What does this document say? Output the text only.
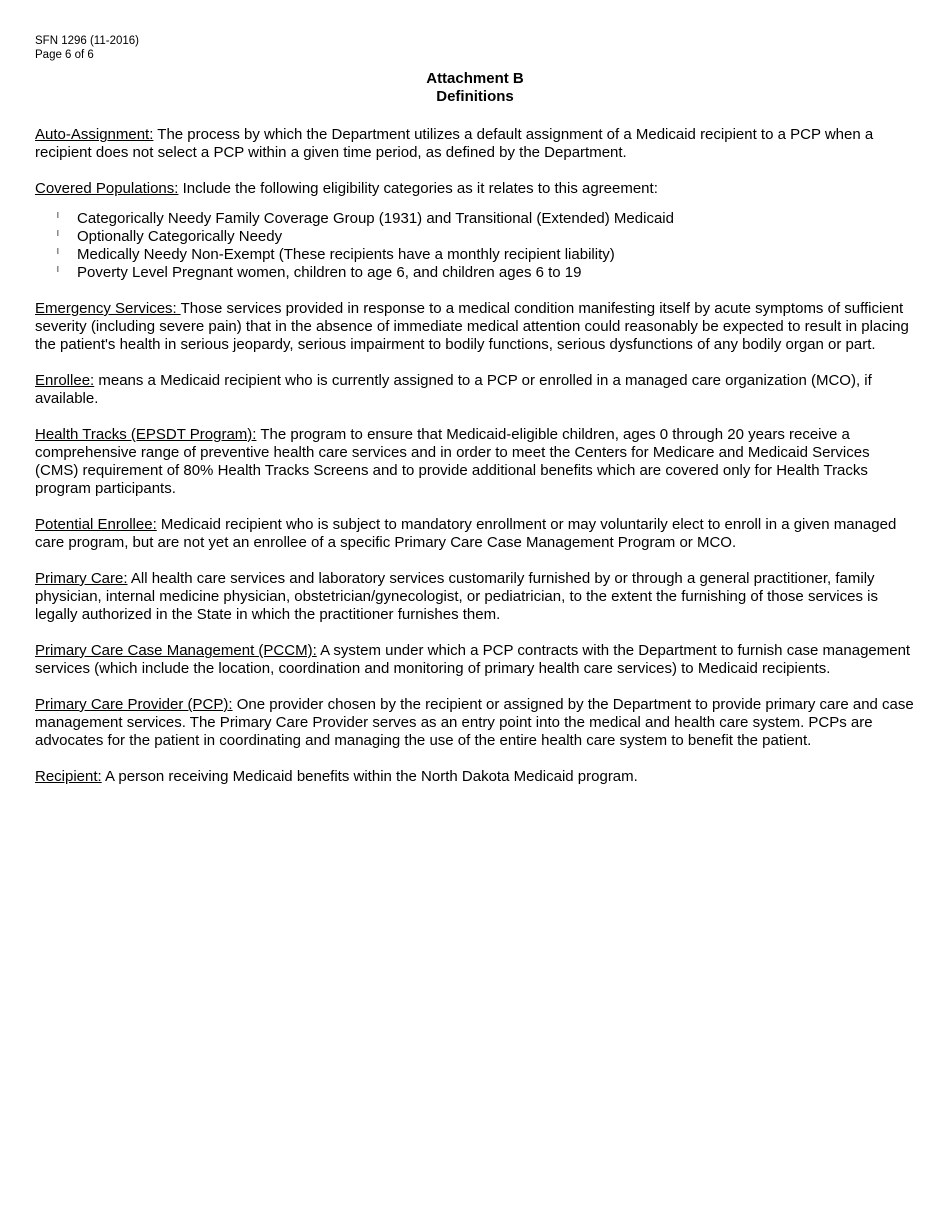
SFN 1296 (11-2016)
Page 6 of 6
Attachment B
Definitions

Auto-Assignment: The process by which the Department utilizes a default assignment of a Medicaid recipient to a PCP when a recipient does not select a PCP within a given time period, as defined by the Department.

Covered Populations: Include the following eligibility categories as it relates to this agreement:

l Categorically Needy Family Coverage Group (1931) and Transitional (Extended) Medicaid
l Optionally Categorically Needy
l Medically Needy Non-Exempt (These recipients have a monthly recipient liability)
l Poverty Level Pregnant women, children to age 6, and children ages 6 to 19

Emergency Services: Those services provided in response to a medical condition manifesting itself by acute symptoms of sufficient severity (including severe pain) that in the absence of immediate medical attention could reasonably be expected to result in placing the patient's health in serious jeopardy, serious impairment to bodily functions, serious dysfunctions of any bodily organ or part.

Enrollee: means a Medicaid recipient who is currently assigned to a PCP or enrolled in a managed care organization (MCO), if available.

Health Tracks (EPSDT Program): The program to ensure that Medicaid-eligible children, ages 0 through 20 years receive a comprehensive range of preventive health care services and in order to meet the Centers for Medicare and Medicaid Services (CMS) requirement of 80% Health Tracks Screens and to provide additional benefits which are covered only for Health Tracks program participants.

Potential Enrollee: Medicaid recipient who is subject to mandatory enrollment or may voluntarily elect to enroll in a given managed care program, but are not yet an enrollee of a specific Primary Care Case Management Program or MCO.

Primary Care: All health care services and laboratory services customarily furnished by or through a general practitioner, family physician, internal medicine physician, obstetrician/gynecologist, or pediatrician, to the extent the furnishing of those services is legally authorized in the State in which the practitioner furnishes them.

Primary Care Case Management (PCCM): A system under which a PCP contracts with the Department to furnish case management services (which include the location, coordination and monitoring of primary health care services) to Medicaid recipients.

Primary Care Provider (PCP): One provider chosen by the recipient or assigned by the Department to provide primary care and case management services. The Primary Care Provider serves as an entry point into the medical and health care system. PCPs are advocates for the patient in coordinating and managing the use of the entire health care system to benefit the patient.

Recipient: A person receiving Medicaid benefits within the North Dakota Medicaid program.
